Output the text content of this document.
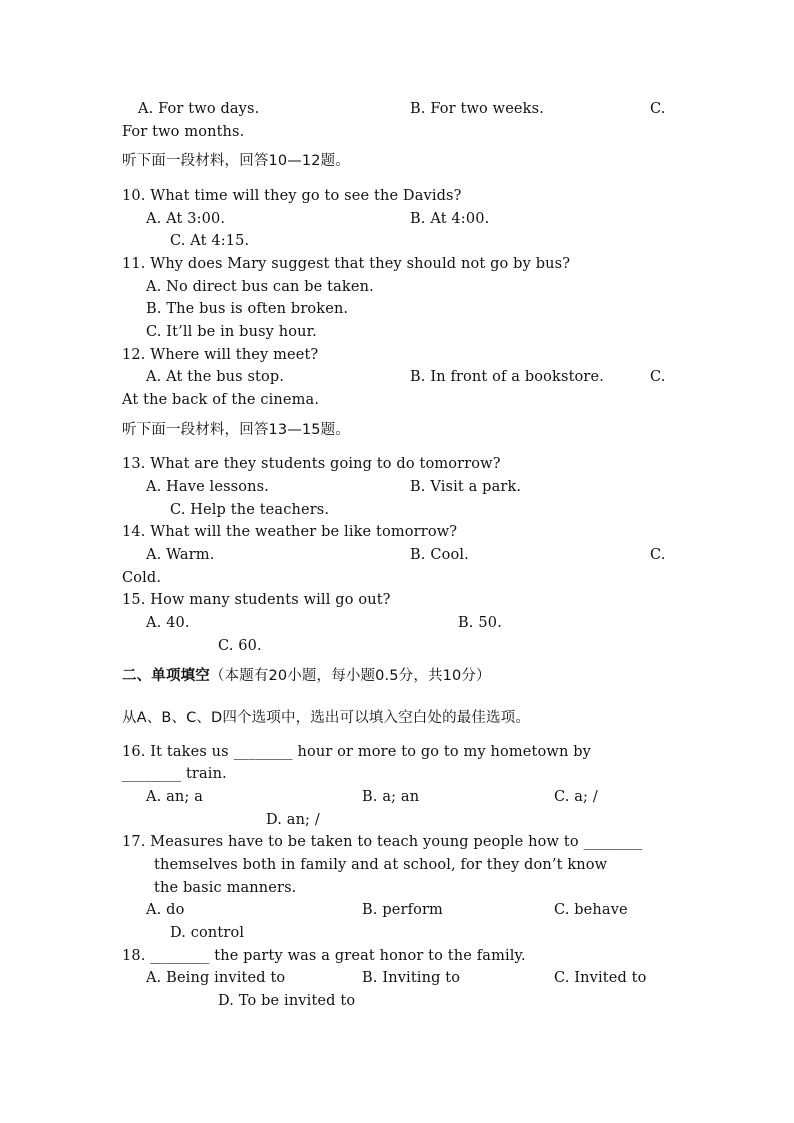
A. For two days.	B. For two weeks.	C.
For two months.
听下面一段材料，回答10—12题。
10. What time will they go to see the Davids?
A. At 3:00.	B. At 4:00.
C. At 4:15.
11. Why does Mary suggest that they should not go by bus?
A. No direct bus can be taken.
B. The bus is often broken.
C. It’ll be in busy hour.
12. Where will they meet?
A. At the bus stop.	B. In front of a bookstore.	C.
At the back of the cinema.
听下面一段材料，回答13—15题。
13. What are they students going to do tomorrow?
A. Have lessons.	B. Visit a park.
C. Help the teachers.
14. What will the weather be like tomorrow?
A. Warm.	B. Cool.	C.
Cold.
15. How many students will go out?
A. 40.	B. 50.
C. 60.
二、单项填空（本题有20小题，每小题0.5分，共10分）
从A、B、C、D四个选项中，选出可以填入空白处的最佳选项。
16. It takes us ________ hour or more to go to my hometown by
________ train.
A. an; a	B. a; an	C. a; /
D. an; /
17. Measures have to be taken to teach young people how to ________
themselves both in family and at school, for they don’t know
the basic manners.
A. do	B. perform	C. behave
D. control
18. ________ the party was a great honor to the family.
A. Being invited to	B. Inviting to	C. Invited to
D. To be invited to
